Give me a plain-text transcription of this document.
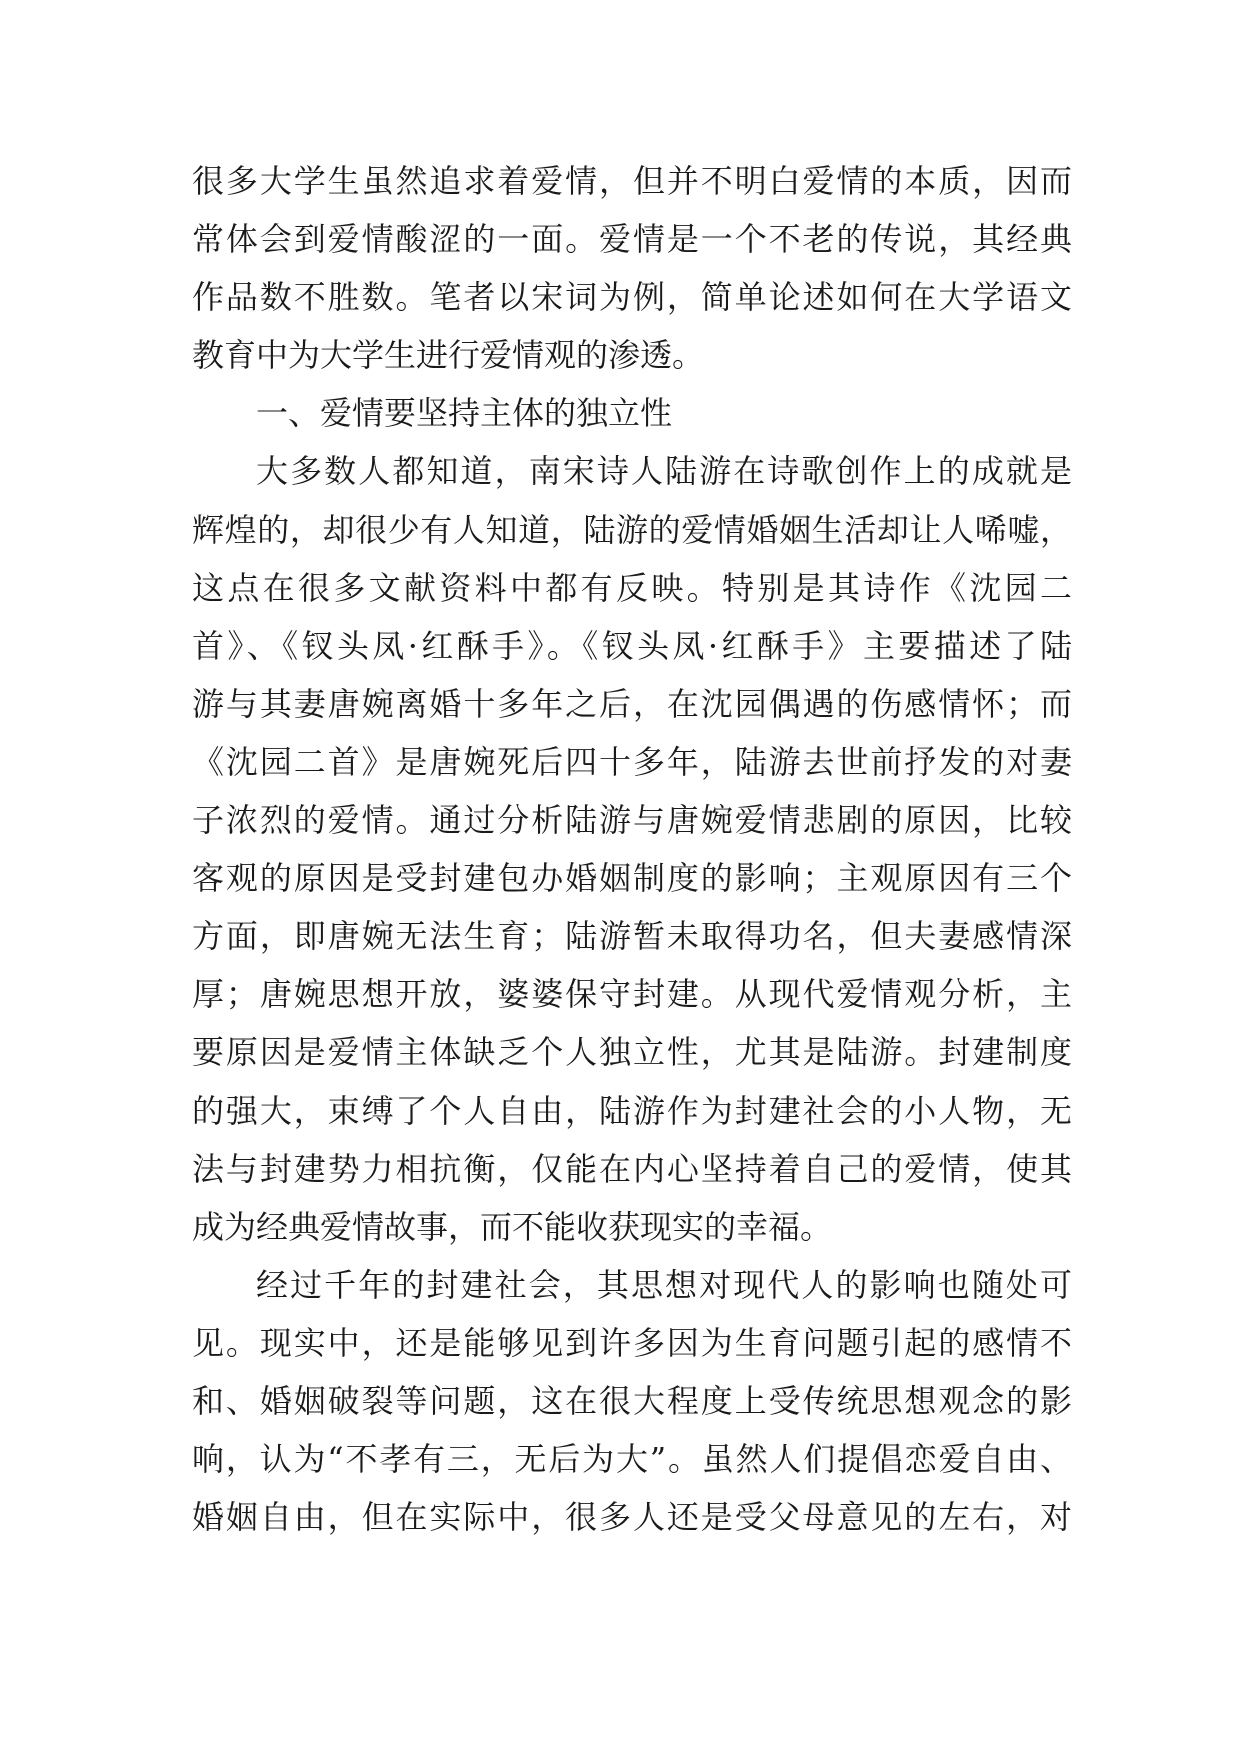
很多大学生虽然追求着爱情，但并不明白爱情的本质，因而
常体会到爱情酸涩的一面。爱情是一个不老的传说，其经典
作品数不胜数。笔者以宋词为例，简单论述如何在大学语文
教育中为大学生进行爱情观的渗透。
一、爱情要坚持主体的独立性
大多数人都知道，南宋诗人陆游在诗歌创作上的成就是
辉煌的，却很少有人知道，陆游的爱情婚姻生活却让人唏嘘，
这点在很多文献资料中都有反映。特别是其诗作《沈园二
首》、《钗头凤·红酥手》。《钗头凤·红酥手》主要描述了陆
游与其妻唐婉离婚十多年之后，在沈园偶遇的伤感情怀；而
《沈园二首》是唐婉死后四十多年，陆游去世前抒发的对妻
子浓烈的爱情。通过分析陆游与唐婉爱情悲剧的原因，比较
客观的原因是受封建包办婚姻制度的影响；主观原因有三个
方面，即唐婉无法生育；陆游暂未取得功名，但夫妻感情深
厚；唐婉思想开放，婆婆保守封建。从现代爱情观分析，主
要原因是爱情主体缺乏个人独立性，尤其是陆游。封建制度
的强大，束缚了个人自由，陆游作为封建社会的小人物，无
法与封建势力相抗衡，仅能在内心坚持着自己的爱情，使其
成为经典爱情故事，而不能收获现实的幸福。
经过千年的封建社会，其思想对现代人的影响也随处可
见。现实中，还是能够见到许多因为生育问题引起的感情不
和、婚姻破裂等问题，这在很大程度上受传统思想观念的影
响，认为“不孝有三，无后为大”。虽然人们提倡恋爱自由、
婚姻自由，但在实际中，很多人还是受父母意见的左右，对
